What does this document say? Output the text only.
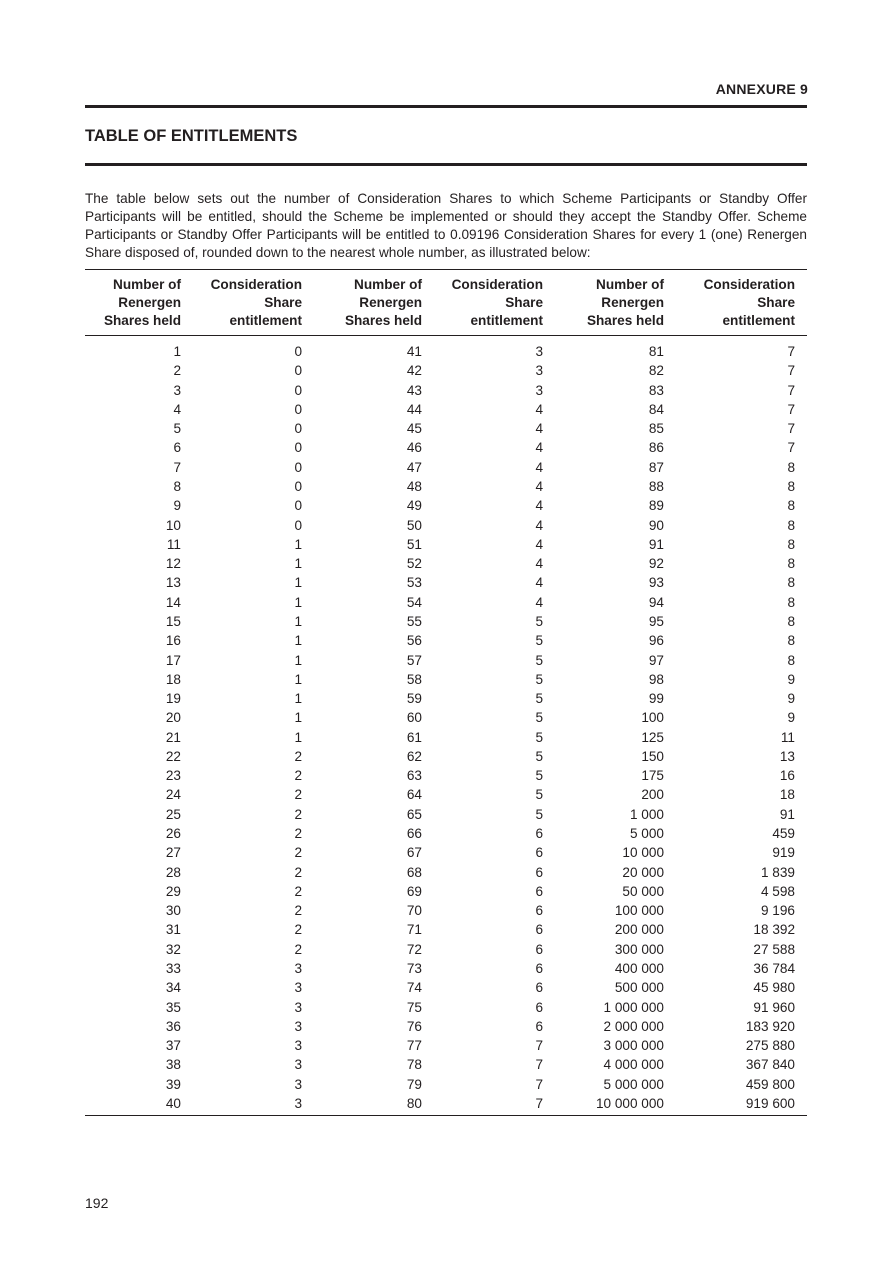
ANNEXURE 9
TABLE OF ENTITLEMENTS

The table below sets out the number of Consideration Shares to which Scheme Participants or Standby Offer Participants will be entitled, should the Scheme be implemented or should they accept the Standby Offer. Scheme Participants or Standby Offer Participants will be entitled to 0.09196 Consideration Shares for every 1 (one) Renergen Share disposed of, rounded down to the nearest whole number, as illustrated below:

Number of
Renergen
Shares held	Consideration
Share
entitlement	Number of
Renergen
Shares held	Consideration
Share
entitlement	Number of
Renergen
Shares held	Consideration
Share
entitlement

1	0	41	3	81	7
2	0	42	3	82	7
3	0	43	3	83	7
4	0	44	4	84	7
5	0	45	4	85	7
6	0	46	4	86	7
7	0	47	4	87	8
8	0	48	4	88	8
9	0	49	4	89	8
10	0	50	4	90	8
11	1	51	4	91	8
12	1	52	4	92	8
13	1	53	4	93	8
14	1	54	4	94	8
15	1	55	5	95	8
16	1	56	5	96	8
17	1	57	5	97	8
18	1	58	5	98	9
19	1	59	5	99	9
20	1	60	5	100	9
21	1	61	5	125	11
22	2	62	5	150	13
23	2	63	5	175	16
24	2	64	5	200	18
25	2	65	5	1 000	91
26	2	66	6	5 000	459
27	2	67	6	10 000	919
28	2	68	6	20 000	1 839
29	2	69	6	50 000	4 598
30	2	70	6	100 000	9 196
31	2	71	6	200 000	18 392
32	2	72	6	300 000	27 588
33	3	73	6	400 000	36 784
34	3	74	6	500 000	45 980
35	3	75	6	1 000 000	91 960
36	3	76	6	2 000 000	183 920
37	3	77	7	3 000 000	275 880
38	3	78	7	4 000 000	367 840
39	3	79	7	5 000 000	459 800
40	3	80	7	10 000 000	919 600
192
